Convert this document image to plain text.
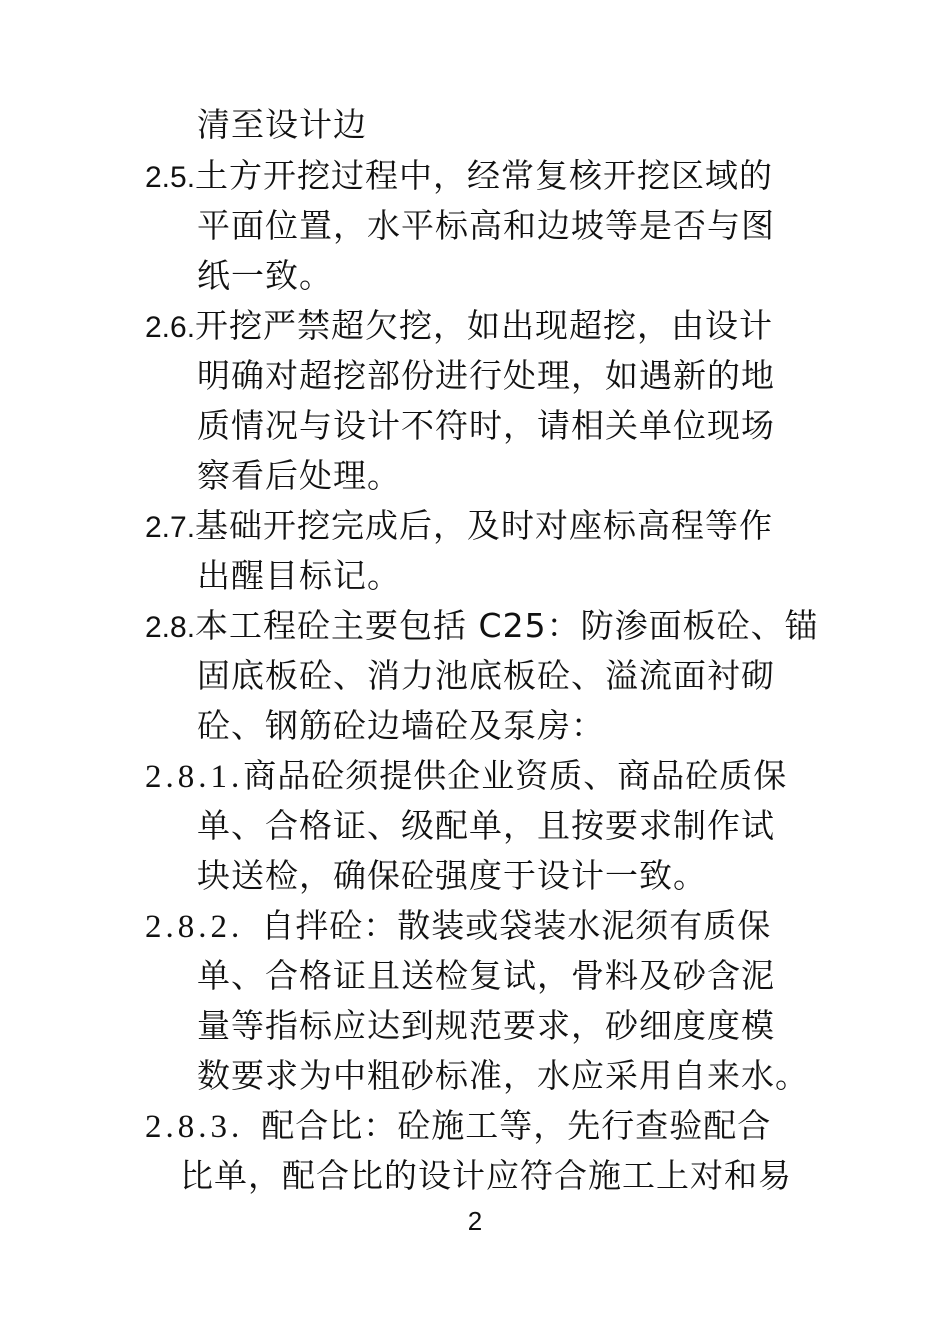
清至设计边
2.5.土方开挖过程中，经常复核开挖区域的
平面位置，水平标高和边坡等是否与图
纸一致。
2.6.开挖严禁超欠挖，如出现超挖，由设计
明确对超挖部份进行处理，如遇新的地
质情况与设计不符时，请相关单位现场
察看后处理。
2.7.基础开挖完成后，及时对座标高程等作
出醒目标记。
2.8.本工程砼主要包括 C25：防渗面板砼、锚
固底板砼、消力池底板砼、溢流面衬砌
砼、钢筋砼边墙砼及泵房：
2.8.1.商品砼须提供企业资质、商品砼质保
单、合格证、级配单，且按要求制作试
块送检，确保砼强度于设计一致。
2.8.2. 自拌砼：散装或袋装水泥须有质保
单、合格证且送检复试，骨料及砂含泥
量等指标应达到规范要求，砂细度度模
数要求为中粗砂标准，水应采用自来水。
2.8.3. 配合比：砼施工等，先行查验配合
比单，配合比的设计应符合施工上对和易
2
